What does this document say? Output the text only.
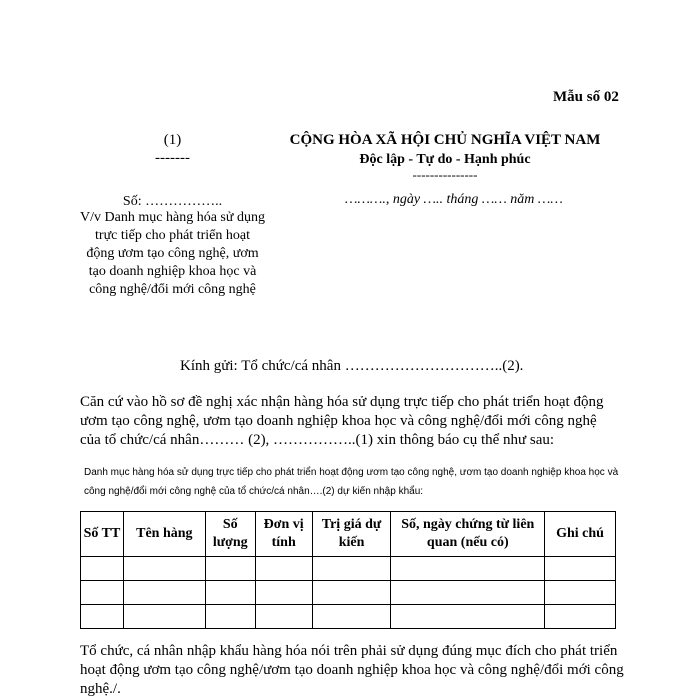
Mẫu số 02
(1)
-------
CỘNG HÒA XÃ HỘI CHỦ NGHĨA VIỆT NAM
Độc lập - Tự do - Hạnh phúc
---------------
Số: ……………..
V/v Danh mục hàng hóa sử dụng trực tiếp cho phát triển hoạt động ươm tạo công nghệ, ươm tạo doanh nghiệp khoa học và công nghệ/đổi mới công nghệ
………., ngày ….. tháng …… năm ……
Kính gửi: Tổ chức/cá nhân …………………………..(2).
Căn cứ vào hồ sơ đề nghị xác nhận hàng hóa sử dụng trực tiếp cho phát triển hoạt động ươm tạo công nghệ, ươm tạo doanh nghiệp khoa học và công nghệ/đổi mới công nghệ của tổ chức/cá nhân……… (2), ……………..(1) xin thông báo cụ thể như sau:
Danh mục hàng hóa sử dụng trực tiếp cho phát triển hoạt động ươm tạo công nghệ, ươm tạo doanh nghiệp khoa học và công nghệ/đổi mới công nghệ của tổ chức/cá nhân….(2) dự kiến nhập khẩu:
Số TT	Tên hàng	Số lượng	Đơn vị tính	Trị giá dự kiến	Số, ngày chứng từ liên quan (nếu có)	Ghi chú

Tổ chức, cá nhân nhập khẩu hàng hóa nói trên phải sử dụng đúng mục đích cho phát triển hoạt động ươm tạo công nghệ/ươm tạo doanh nghiệp khoa học và công nghệ/đổi mới công nghệ./.
